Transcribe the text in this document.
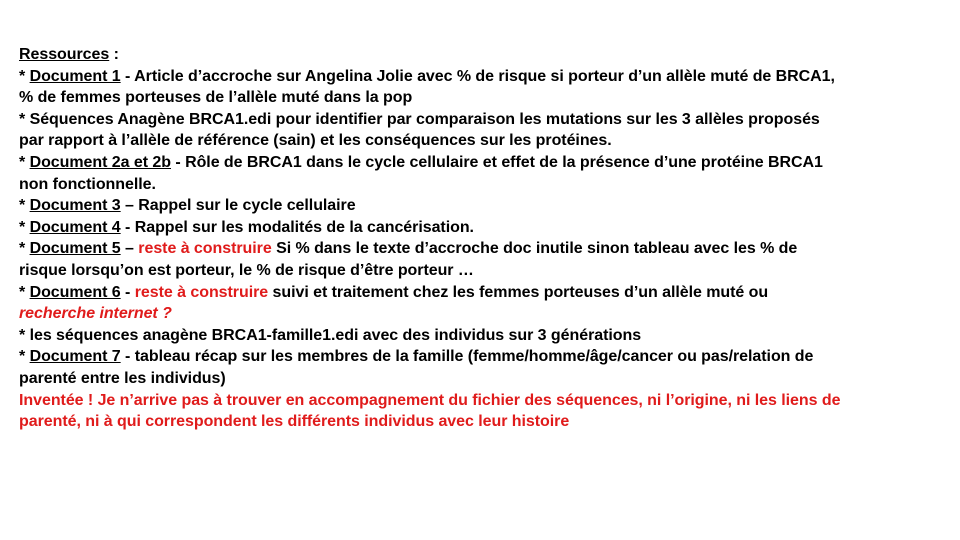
Ressources :
* Document 1 - Article d’accroche sur Angelina Jolie avec % de risque si porteur d’un allèle muté de BRCA1,
% de femmes porteuses de l’allèle muté dans la pop
* Séquences Anagène BRCA1.edi pour identifier par comparaison les mutations sur les 3 allèles proposés
par rapport à l’allèle de référence (sain) et les conséquences sur les protéines.
* Document 2a et 2b - Rôle de BRCA1 dans le cycle cellulaire et effet de la présence d’une protéine BRCA1
non fonctionnelle.
* Document 3 – Rappel sur le cycle cellulaire
* Document 4 - Rappel sur les modalités de la cancérisation.
* Document 5 – reste à construire Si % dans le texte d’accroche doc inutile sinon tableau avec les % de
risque lorsqu’on est porteur, le % de risque d’être porteur …
* Document 6 - reste à construire suivi et traitement chez les femmes porteuses d’un allèle muté ou
recherche internet ?
* les séquences anagène BRCA1-famille1.edi avec des individus sur 3 générations
* Document 7 - tableau récap sur les membres de la famille (femme/homme/âge/cancer ou pas/relation de
parenté entre les individus)
Inventée ! Je n’arrive pas à trouver en accompagnement du fichier des séquences, ni l’origine, ni les liens de
parenté, ni à qui correspondent les différents individus avec leur histoire
